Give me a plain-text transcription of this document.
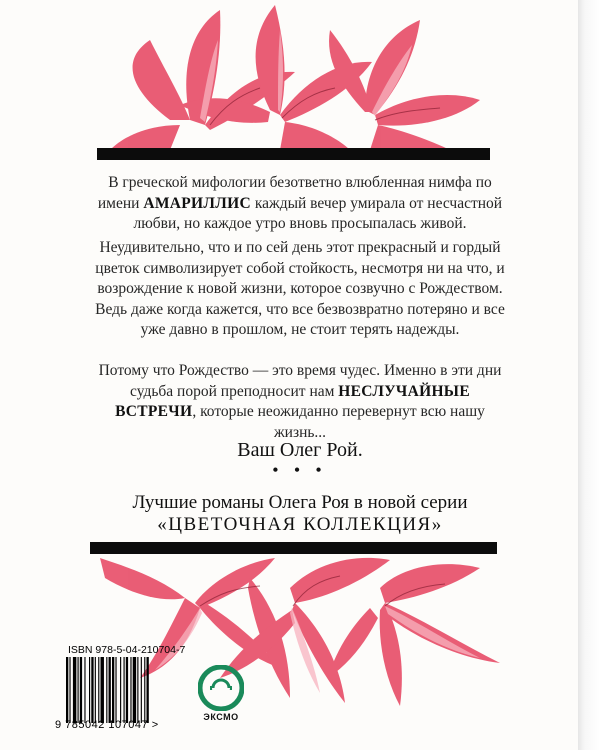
В греческой мифологии безответно влюбленная нимфа по имени АМАРИЛЛИС каждый вечер умирала от несчастной любви, но каждое утро вновь просыпалась живой.
Неудивительно, что и по сей день этот прекрасный и гордый цветок символизирует собой стойкость, несмотря ни на что, и возрождение к новой жизни, которое созвучно с Рождеством. Ведь даже когда кажется, что все безвозвратно потеряно и все уже давно в прошлом, не стоит терять надежды.
Потому что Рождество — это время чудес. Именно в эти дни судьба порой преподносит нам НЕСЛУЧАЙНЫЕ ВСТРЕЧИ, которые неожиданно перевернут всю нашу жизнь...
Ваш Олег Рой.
• • •
Лучшие романы Олега Роя в новой серии
«ЦВЕТОЧНАЯ КОЛЛЕКЦИЯ»
ISBN 978-5-04-210704-7
9 785042 107047 >
ЭКСМО
